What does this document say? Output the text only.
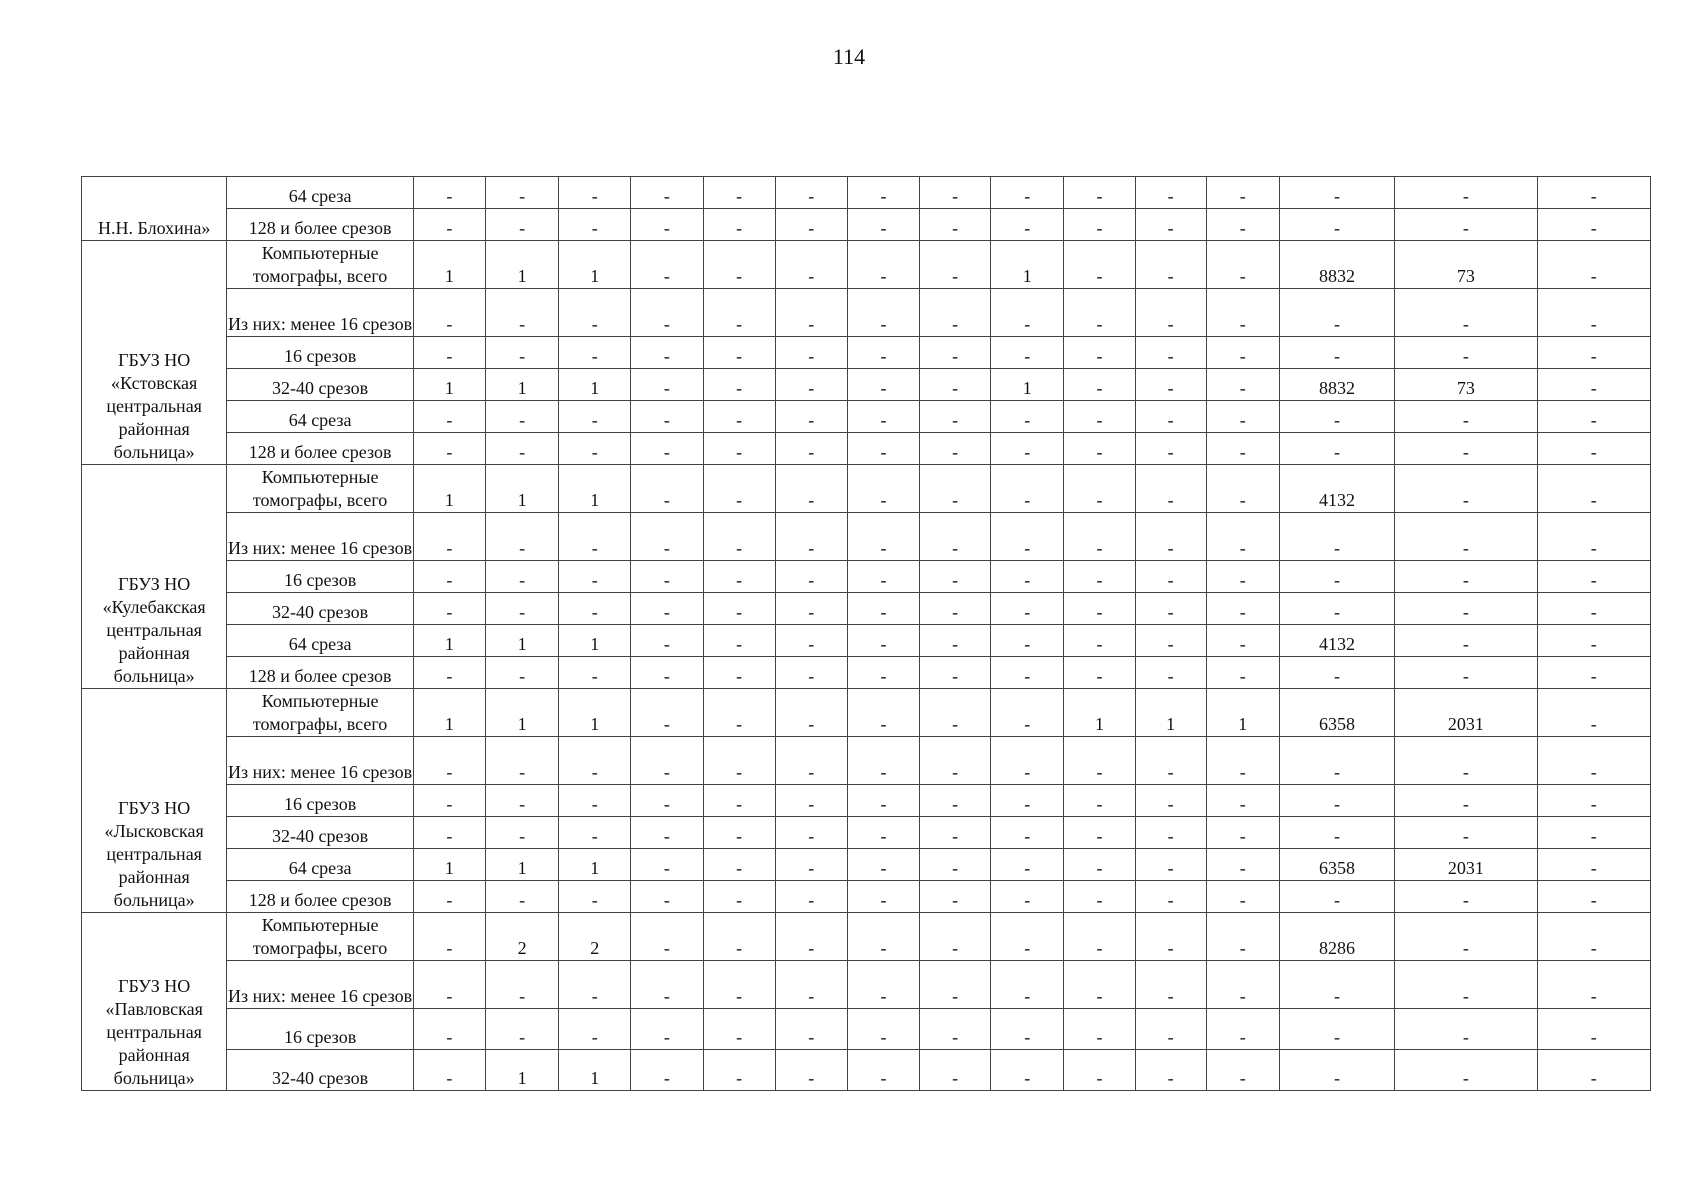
114
Н.Н. Блохина»	64 среза	-	-	-	-	-	-	-	-	-	-	-	-	-	-	-
	128 и более срезов	-	-	-	-	-	-	-	-	-	-	-	-	-	-	-
ГБУЗ НО «Кстовская центральная районная больница»	Компьютерные томографы, всего	1	1	1	-	-	-	-	-	1	-	-	-	8832	73	-
	Из них: менее 16 срезов	-	-	-	-	-	-	-	-	-	-	-	-	-	-	-
	16 срезов	-	-	-	-	-	-	-	-	-	-	-	-	-	-	-
	32-40 срезов	1	1	1	-	-	-	-	-	1	-	-	-	8832	73	-
	64 среза	-	-	-	-	-	-	-	-	-	-	-	-	-	-	-
	128 и более срезов	-	-	-	-	-	-	-	-	-	-	-	-	-	-	-
ГБУЗ НО «Кулебакская центральная районная больница»	Компьютерные томографы, всего	1	1	1	-	-	-	-	-	-	-	-	-	4132	-	-
	Из них: менее 16 срезов	-	-	-	-	-	-	-	-	-	-	-	-	-	-	-
	16 срезов	-	-	-	-	-	-	-	-	-	-	-	-	-	-	-
	32-40 срезов	-	-	-	-	-	-	-	-	-	-	-	-	-	-	-
	64 среза	1	1	1	-	-	-	-	-	-	-	-	-	4132	-	-
	128 и более срезов	-	-	-	-	-	-	-	-	-	-	-	-	-	-	-
ГБУЗ НО «Лысковская центральная районная больница»	Компьютерные томографы, всего	1	1	1	-	-	-	-	-	-	1	1	1	6358	2031	-
	Из них: менее 16 срезов	-	-	-	-	-	-	-	-	-	-	-	-	-	-	-
	16 срезов	-	-	-	-	-	-	-	-	-	-	-	-	-	-	-
	32-40 срезов	-	-	-	-	-	-	-	-	-	-	-	-	-	-	-
	64 среза	1	1	1	-	-	-	-	-	-	-	-	-	6358	2031	-
	128 и более срезов	-	-	-	-	-	-	-	-	-	-	-	-	-	-	-
ГБУЗ НО «Павловская центральная районная больница»	Компьютерные томографы, всего	-	2	2	-	-	-	-	-	-	-	-	-	8286	-	-
	Из них: менее 16 срезов	-	-	-	-	-	-	-	-	-	-	-	-	-	-	-
	16 срезов	-	-	-	-	-	-	-	-	-	-	-	-	-	-	-
	32-40 срезов	-	1	1	-	-	-	-	-	-	-	-	-	-	-	-
